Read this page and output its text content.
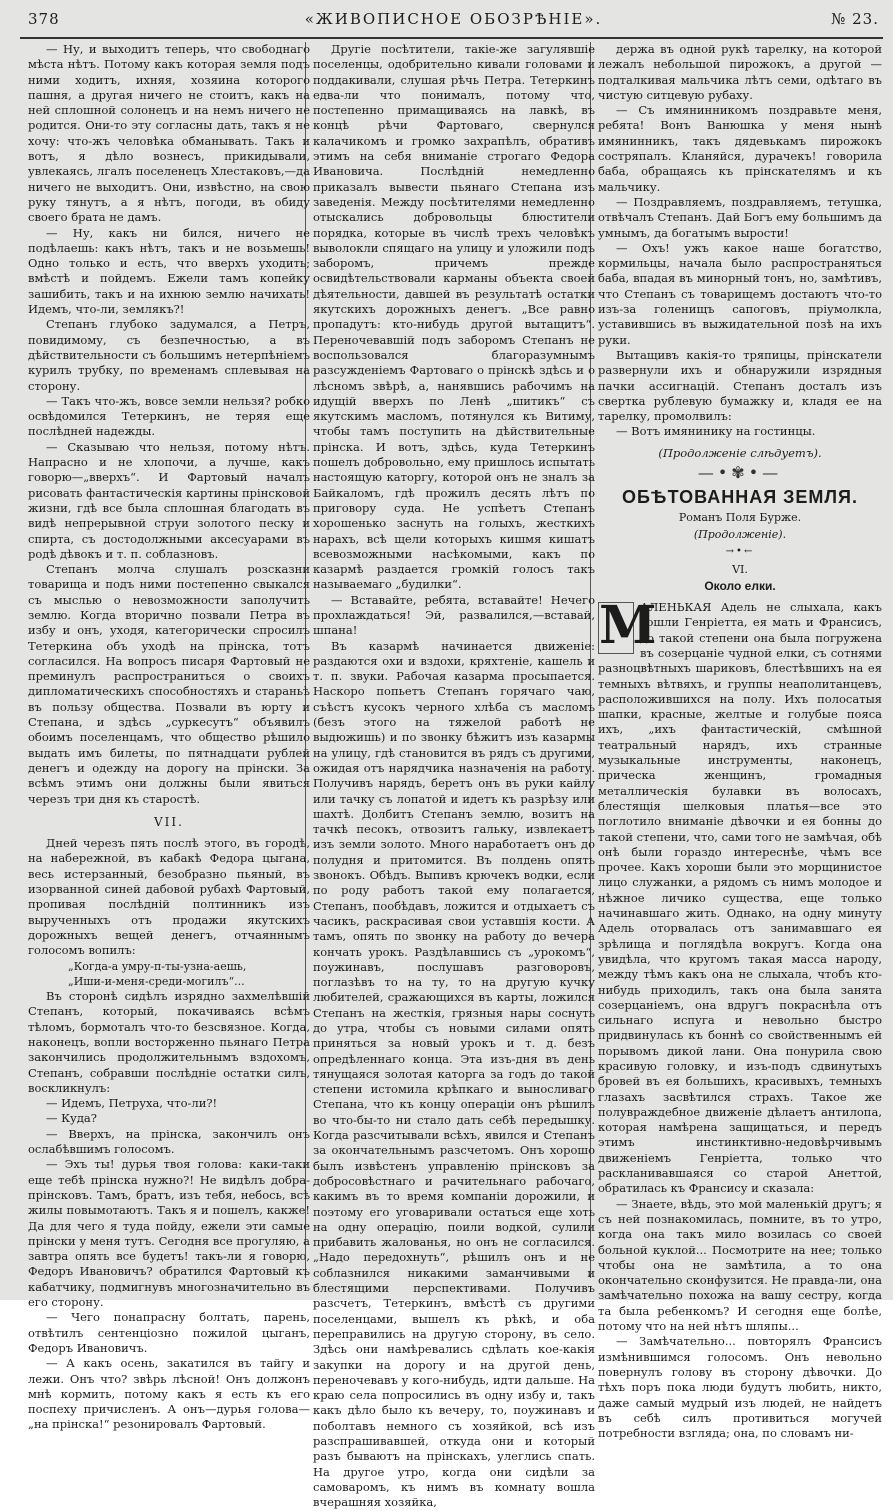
378	«ЖИВОПИСНОЕ ОБОЗРѢНІЕ».	№ 23.

— Ну, и выходитъ теперь, что свободнаго мѣста нѣтъ. Потому какъ которая земля подъ ними ходитъ, ихняя, хозяина которого пашня, а другая ничего не стоитъ, какъ на ней сплошной солонецъ и на немъ ничего не родится. Они-то эту согласны дать, такъ я не хочу: что-жъ человѣка обманывать. Такъ и вотъ, я дѣло вознесъ, прикидывали, увлекаясь, лгалъ поселенецъ Хлестаковъ,—да ничего не выходитъ. Они, извѣстно, на свою руку тянутъ, а я нѣтъ, погоди, въ обиду своего брата не дамъ.

— Ну, какъ ни бился, ничего не подѣлаешь: какъ нѣтъ, такъ и не возьмешь! Одно только и есть, что вверхъ уходить; вмѣстѣ и пойдемъ. Ежели тамъ копейку зашибить, такъ и на ихнюю землю начихать! Идемъ, что-ли, землякъ?!

Степанъ глубоко задумался, а Петръ, повидимому, съ безпечностью, а въ дѣйствительности съ большимъ нетерпѣніемъ курилъ трубку, по временамъ сплевывая на сторону.

— Такъ что-жъ, вовсе земли нельзя? робко освѣдомился Тетеркинъ, не теряя еще послѣдней надежды.

— Сказываю что нельзя, потому нѣтъ. Напрасно и не хлопочи, а лучше, какъ говорю—„вверхъ“. И Фартовый началъ рисовать фантастическія картины прінсковой жизни, гдѣ все была сплошная благодать въ видѣ непрерывной струи золотого песку и спирта, съ достодолжными аксесуарами въ родѣ дѣвокъ и т. п. соблазновъ.

Степанъ молча слушалъ розсказни товарища и подъ ними постепенно свыкался съ мыслью о невозможности заполучить землю. Когда вторично позвали Петра въ избу и онъ, уходя, категорически спросилъ Тетеркина объ уходѣ на прінска, тотъ согласился. На вопросъ писаря Фартовый не преминулъ распространиться о своихъ дипломатическихъ способностяхъ и стараньѣ въ пользу общества. Позвали въ юрту и Степана, и здѣсь „суркесутъ“ объявилъ обоимъ поселенцамъ, что общество рѣшило выдать имъ билеты, по пятнадцати рублей денегъ и одежду на дорогу на прінски. За всѣмъ этимъ они должны были явиться черезъ три дня къ старостѣ.

VII.

Дней черезъ пять послѣ этого, въ городѣ, на набережной, въ кабакѣ Федора цыгана, весь истерзанный, безобразно пьяный, въ изорванной синей дабовой рубахѣ Фартовый, пропивая послѣдній полтинникъ изъ вырученныхъ отъ продажи якутскихъ дорожныхъ вещей денегъ, отчаяннымъ голосомъ вопилъ:

„Когда-а умру-п-ты-узна-аешь,

„Иши-и-меня-среди-могилъ“...

Въ сторонѣ сидѣлъ изрядно захмелѣвшій Степанъ, который, покачиваясь всѣмъ тѣломъ, бормоталъ что-то безсвязное. Когда, наконецъ, вопли восторженно пьянаго Петра закончились продолжительнымъ вздохомъ, Степанъ, собравши послѣдніе остатки силъ, воскликнулъ:

— Идемъ, Петруха, что-ли?!

— Куда?

— Вверхъ, на прінска, закончилъ онъ ослабѣвшимъ голосомъ.

— Эхъ ты! дурья твоя голова: каки-таки еще тебѣ прінска нужно?! Не видѣлъ добра-прінсковъ. Тамъ, братъ, изъ тебя, небось, всѣ жилы повымотаютъ. Такъ я и пошелъ, какже! Да для чего я туда пойду, ежели эти самые прінски у меня тутъ. Сегодня все прогуляю, а завтра опять все будетъ! такъ-ли я говорю, Федоръ Ивановичъ? обратился Фартовый къ кабатчику, подмигнувъ многозначительно въ его сторону.

— Чего понапрасну болтать, парень, отвѣтилъ сентенціозно пожилой цыганъ, Федоръ Ивановичъ.

— А какъ осень, закатился въ тайгу и лежи. Онъ что? звѣрь лѣсной! Онъ должонъ мнѣ кормить, потому какъ я есть къ его поспеху причисленъ. А онъ—дурья голова—„на прінска!“ резонировалъ Фартовый.

Другіе посѣтители, такіе-же загулявшіе поселенцы, одобрительно кивали головами и поддакивали, слушая рѣчь Петра. Тетеркинъ едва-ли что понималъ, потому что, постепенно примащиваясь на лавкѣ, въ концѣ рѣчи Фартоваго, свернулся калачикомъ и громко захрапѣлъ, обративъ этимъ на себя вниманіе строгаго Федора Ивановича. Послѣдній немедленно приказалъ вывести пьянаго Степана изъ заведенія. Между посѣтителями немедленно отыскались добровольцы блюстители порядка, которые въ числѣ трехъ человѣкъ выволокли спящаго на улицу и уложили подъ заборомъ, причемъ прежде освидѣтельствовали карманы объекта своей дѣятельности, давшей въ результатѣ остатки якутскихъ дорожныхъ денегъ. „Все равно пропадутъ: кто-нибудь другой вытащитъ“. Переночевавшій подъ заборомъ Степанъ не воспользовался благоразумнымъ разсужденіемъ Фартоваго о прінскѣ здѣсь и о лѣсномъ звѣрѣ, а, нанявшись рабочимъ на идущій вверхъ по Ленѣ „шитикъ“ съ якутскимъ масломъ, потянулся къ Витиму, чтобы тамъ поступить на дѣйствительные прінска. И вотъ, здѣсь, куда Тетеркинъ пошелъ добровольно, ему пришлось испытать настоящую каторгу, которой онъ не зналъ за Байкаломъ, гдѣ прожилъ десять лѣтъ по приговору суда. Не успѣетъ Степанъ хорошенько заснуть на голыхъ, жесткихъ нарахъ, всѣ щели которыхъ кишмя кишатъ всевозможными насѣкомыми, какъ по казармѣ раздается громкій голосъ такъ называемаго „будилки“.

— Вставайте, ребята, вставайте! Нечего прохлаждаться! Эй, развалился,—вставай, шпана!

Въ казармѣ начинается движеніе: раздаются охи и вздохи, кряхтеніе, кашель и т. п. звуки. Рабочая казарма просыпается. Наскоро попьетъ Степанъ горячаго чаю, съѣстъ кусокъ черного хлѣба съ масломъ (безъ этого на тяжелой работѣ не выдюжишь) и по звонку бѣжитъ изъ казармы на улицу, гдѣ становится въ рядъ съ другими, ожидая отъ нарядчика назначенія на работу. Получивъ нарядъ, беретъ онъ въ руки кайлу или тачку съ лопатой и идетъ къ разрѣзу или шахтѣ. Долбитъ Степанъ землю, возитъ на тачкѣ песокъ, отвозитъ гальку, извлекаетъ изъ земли золото. Много наработаетъ онъ до полудня и притомится. Въ полдень опять звонокъ. Обѣдъ. Выпивъ крючекъ водки, если по роду работъ такой ему полагается, Степанъ, пообѣдавъ, ложится и отдыхаетъ съ часикъ, раскрасивая свои уставшія кости. А тамъ, опять по звонку на работу до вечера кончать урокъ. Раздѣлавшись съ „урокомъ“, поужинавъ, послушавъ разговоровъ, поглазѣвъ то на ту, то на другую кучку любителей, сражающихся въ карты, ложился Степанъ на жесткія, грязныя нары соснуть до утра, чтобы съ новыми силами опять приняться за новый урокъ и т. д. безъ опредѣленнаго конца. Эта изъ-дня въ день тянущаяся золотая каторга за годъ до такой степени истомила крѣпкаго и выносливаго Степана, что къ концу операціи онъ рѣшилъ во что-бы-то ни стало дать себѣ передышку. Когда разсчитывали всѣхъ, явился и Степанъ за окончательнымъ разсчетомъ. Онъ хорошо былъ извѣстенъ управленію прінсковъ за добросовѣстнаго и рачительнаго рабочаго, какимъ въ то время компаніи дорожили, и поэтому его уговаривали остаться еще хоть на одну операцію, поили водкой, сулили прибавить жалованья, но онъ не согласился. „Надо передохнуть“, рѣшилъ онъ и не соблазнился никакими заманчивыми и блестящими перспективами. Получивъ разсчетъ, Тетеркинъ, вмѣстѣ съ другими поселенцами, вышелъ къ рѣкѣ, и оба переправились на другую сторону, въ село. Здѣсь они намѣревались сдѣлать кое-какія закупки на дорогу и на другой день, переночевавъ у кого-нибудь, идти дальше. На краю села попросились въ одну избу и, такъ какъ дѣло было къ вечеру, то, поужинавъ и поболтавъ немного съ хозяйкой, всѣ изъ разспрашивавшей, откуда они и который разъ бываютъ на прінскахъ, улеглись спать. На другое утро, когда они сидѣли за самоваромъ, къ нимъ въ комнату вошла вчерашняя хозяйка,

держа въ одной рукѣ тарелку, на которой лежалъ небольшой пирожокъ, а другой — подталкивая мальчика лѣтъ семи, одѣтаго въ чистую ситцевую рубаху.

— Съ имянинникомъ поздравьте меня, ребята! Вонъ Ванюшка у меня нынѣ имянинникъ, такъ дядевькамъ пирожокъ состряпалъ. Кланяйся, дурачекъ! говорила баба, обращаясь къ прінскателямъ и къ мальчику.

— Поздравляемъ, поздравляемъ, тетушка, отвѣчалъ Степанъ. Дай Богъ ему большимъ да умнымъ, да богатымъ вырости!

— Охъ! ужъ какое наше богатство, кормильцы, начала было распространяться баба, впадая въ минорный тонъ, но, замѣтивъ, что Степанъ съ товарищемъ достаютъ что-то изъ-за голенищъ сапоговъ, прiумолкла, уставившись въ выжидательной позѣ на ихъ руки.

Вытащивъ какія-то тряпицы, прінскатели развернули ихъ и обнаружили изрядныя пачки ассигнацій. Степанъ досталъ изъ свертка рублевую бумажку и, кладя ее на тарелку, промолвилъ:

— Вотъ имянинику на гостинцы.

(Продолженіе слѣдуетъ).

—•✾•—
ОБѢТОВАННАЯ ЗЕМЛЯ.
Романъ Поля Бурже.
(Продолженіе).
→•←
VI.
Около елки.

М
АЛЕНЬКАЯ Адель не слыхала, какъ вошли Генріетта, ея мать и Франсисъ, до такой степени она была погружена въ созерцаніе чудной елки, съ сотнями разноцвѣтныхъ шариковъ, блестѣвшихъ на ея темныхъ вѣтвяхъ, и группы неаполитанцевъ, расположившихся на полу. Ихъ полосатыя шапки, красные, желтые и голубые пояса ихъ, „ихъ фантастическій, смѣшной театральный нарядъ, ихъ странные музыкальные инструменты, наконецъ, прическа женщинъ, громадныя металлическія булавки въ волосахъ, блестящія шелковыя платья—все это поглотило вниманіе дѣвочки и ея бонны до такой степени, что, сами того не замѣчая, обѣ онѣ были гораздо интереснѣе, чѣмъ все прочее. Какъ хороши были это морщинистое лицо служанки, а рядомъ съ нимъ молодое и нѣжное личико существа, еще только начинавшаго жить. Однако, на одну минуту Адель оторвалась отъ занимавшаго ея зрѣлища и поглядѣла вокругъ. Когда она увидѣла, что кругомъ такая масса народу, между тѣмъ какъ она не слыхала, чтобъ кто-нибудь приходилъ, такъ она была занята созерцаніемъ, она вдругъ покраснѣла отъ сильнаго испуга и невольно быстро придвинулась къ боннѣ со свойственнымъ ей порывомъ дикой лани. Она понурила свою красивую головку, и изъ-подъ сдвинутыхъ бровей въ ея большихъ, красивыхъ, темныхъ глазахъ засвѣтился страхъ. Такое же полувраждебное движеніе дѣлаетъ антилопа, которая намѣрена защищаться, и передъ этимъ инстинктивно-недовѣрчивымъ движеніемъ Генріетта, только что раскланивавшаяся со старой Анеттой, обратилась къ Франсису и сказала:

— Знаете, вѣдь, это мой маленькій другъ; я съ ней познакомилась, помните, въ то утро, когда она такъ мило возилась со своей больной куклой... Посмотрите на нее; только чтобы она не замѣтила, а то она окончательно сконфузится. Не правда-ли, она замѣчательно похожа на вашу сестру, когда та была ребенкомъ? И сегодня еще болѣе, потому что на ней нѣтъ шляпы...

— Замѣчательно... повторялъ Франсисъ измѣнившимся голосомъ. Онъ невольно повернулъ голову въ сторону дѣвочки. До тѣхъ поръ пока люди будутъ любить, никто, даже самый мудрый изъ людей, не найдетъ въ себѣ силъ противиться могучей потребности взгляда; она, по словамъ ни-
